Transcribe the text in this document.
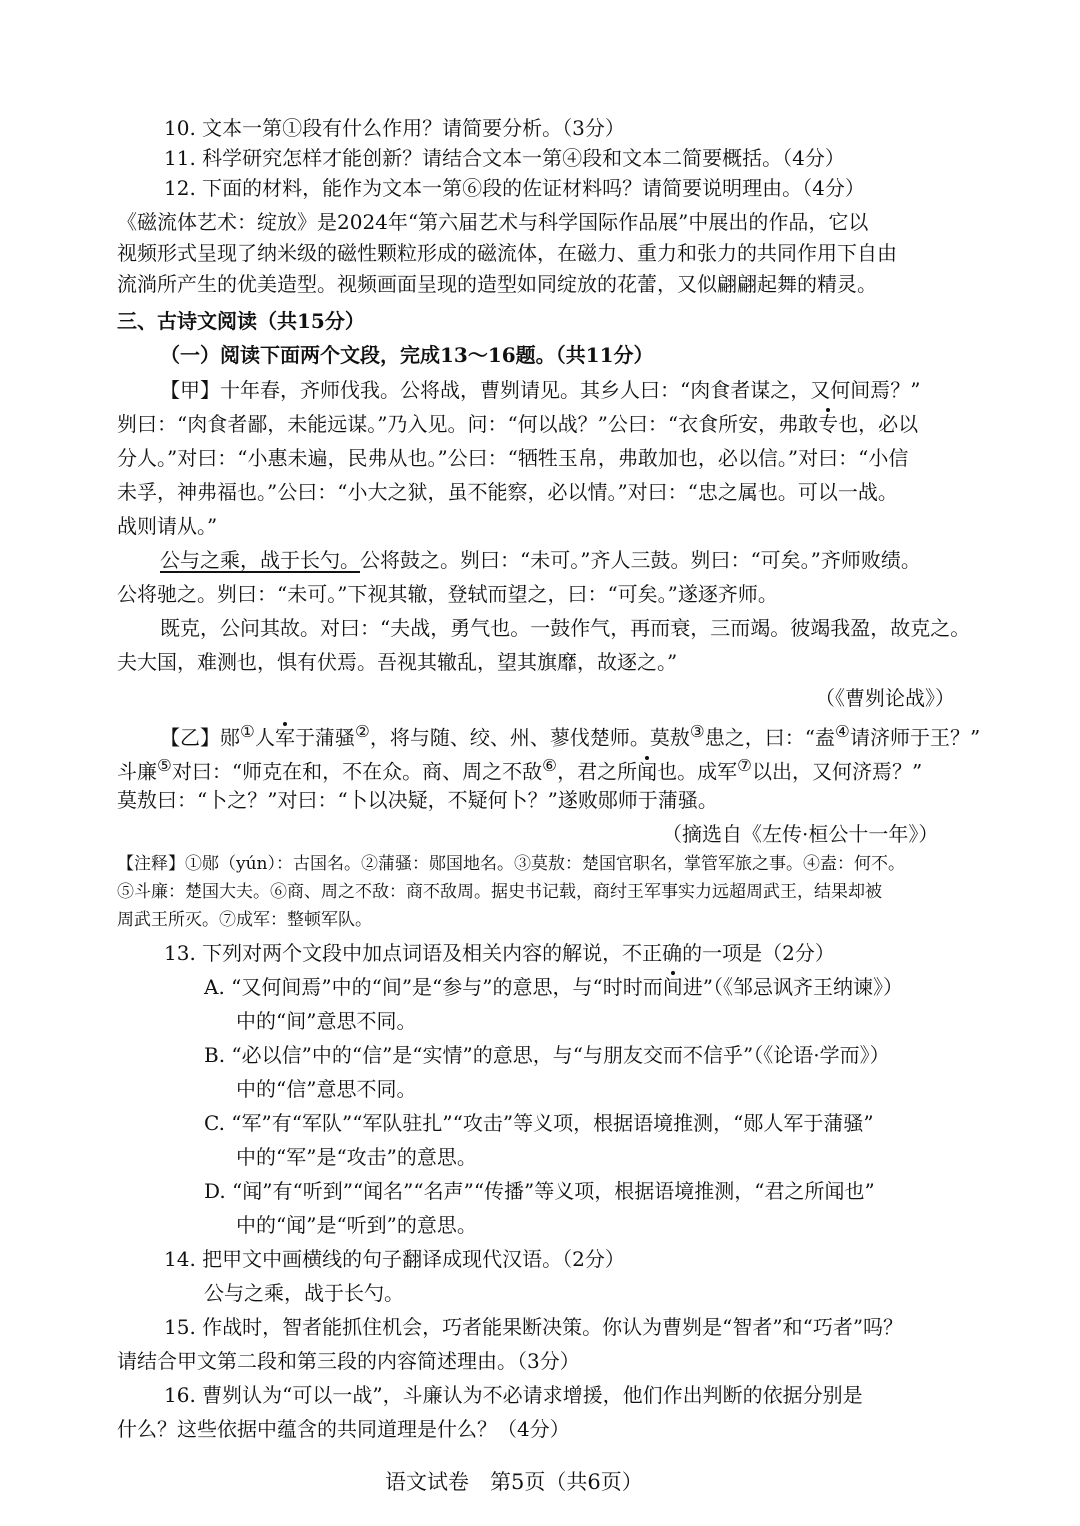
10. 文本一第①段有什么作用？请简要分析。（3分）
11. 科学研究怎样才能创新？请结合文本一第④段和文本二简要概括。（4分）
12. 下面的材料，能作为文本一第⑥段的佐证材料吗？请简要说明理由。（4分）
《磁流体艺术：绽放》是2024年“第六届艺术与科学国际作品展”中展出的作品，它以
视频形式呈现了纳米级的磁性颗粒形成的磁流体，在磁力、重力和张力的共同作用下自由
流淌所产生的优美造型。视频画面呈现的造型如同绽放的花蕾，又似翩翩起舞的精灵。
三、古诗文阅读（共15分）
（一）阅读下面两个文段，完成13～16题。（共11分）
【甲】十年春，齐师伐我。公将战，曹刿请见。其乡人曰：“肉食者谋之，又何间焉？”
刿曰：“肉食者鄙，未能远谋。”乃入见。问：“何以战？”公曰：“衣食所安，弗敢专也，必以
分人。”对曰：“小惠未遍，民弗从也。”公曰：“牺牲玉帛，弗敢加也，必以信。”对曰：“小信
未孚，神弗福也。”公曰：“小大之狱，虽不能察，必以情。”对曰：“忠之属也。可以一战。
战则请从。”
公与之乘，战于长勺。公将鼓之。刿曰：“未可。”齐人三鼓。刿曰：“可矣。”齐师败绩。
公将驰之。刿曰：“未可。”下视其辙，登轼而望之，曰：“可矣。”遂逐齐师。
既克，公问其故。对曰：“夫战，勇气也。一鼓作气，再而衰，三而竭。彼竭我盈，故克之。
夫大国，难测也，惧有伏焉。吾视其辙乱，望其旗靡，故逐之。”
（《曹刿论战》）
【乙】郧①人军于蒲骚②，将与随、绞、州、蓼伐楚师。莫敖③患之，曰：“盍④请济师于王？”
斗廉⑤对曰：“师克在和，不在众。商、周之不敌⑥，君之所闻也。成军⑦以出，又何济焉？”
莫敖曰：“卜之？”对曰：“卜以决疑，不疑何卜？”遂败郧师于蒲骚。
（摘选自《左传·桓公十一年》）
【注释】①郧（yún）：古国名。②蒲骚：郧国地名。③莫敖：楚国官职名，掌管军旅之事。④盍：何不。
⑤斗廉：楚国大夫。⑥商、周之不敌：商不敌周。据史书记载，商纣王军事实力远超周武王，结果却被
周武王所灭。⑦成军：整顿军队。
13. 下列对两个文段中加点词语及相关内容的解说，不正确的一项是（2分）
A. “又何间焉”中的“间”是“参与”的意思，与“时时而间进”（《邹忌讽齐王纳谏》）
中的“间”意思不同。
B. “必以信”中的“信”是“实情”的意思，与“与朋友交而不信乎”（《论语·学而》）
中的“信”意思不同。
C. “军”有“军队”“军队驻扎”“攻击”等义项，根据语境推测，“郧人军于蒲骚”
中的“军”是“攻击”的意思。
D. “闻”有“听到”“闻名”“名声”“传播”等义项，根据语境推测，“君之所闻也”
中的“闻”是“听到”的意思。
14. 把甲文中画横线的句子翻译成现代汉语。（2分）
公与之乘，战于长勺。
15. 作战时，智者能抓住机会，巧者能果断决策。你认为曹刿是“智者”和“巧者”吗？
请结合甲文第二段和第三段的内容简述理由。（3分）
16. 曹刿认为“可以一战”，斗廉认为不必请求增援，他们作出判断的依据分别是
什么？这些依据中蕴含的共同道理是什么？（4分）
语文试卷　第5页（共6页）
